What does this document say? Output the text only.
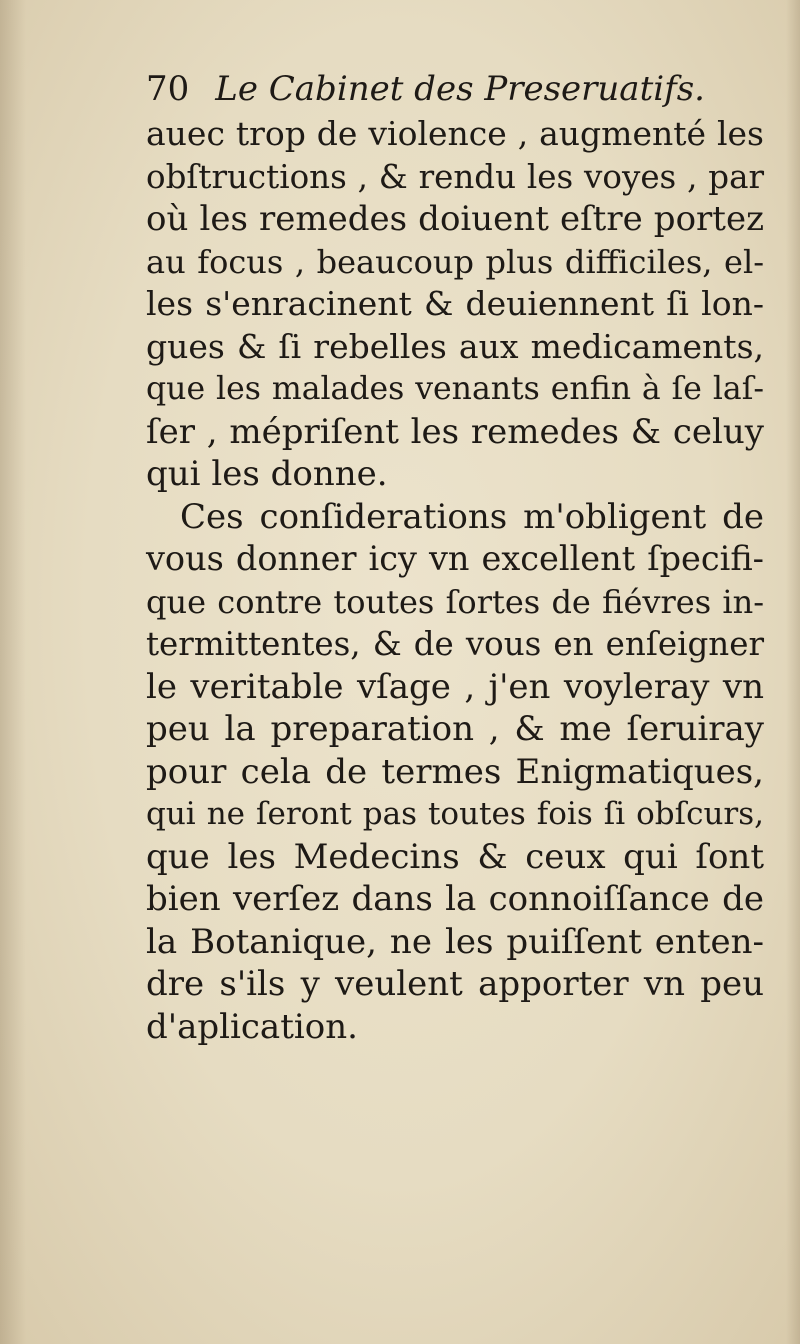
70 Le Cabinet des Preseruatifs.
auec trop de violence , augmenté les
obſtructions , & rendu les voyes , par
où les remedes doiuent eſtre portez
au focus , beaucoup plus difficiles, el-
les s'enracinent & deuiennent ſi lon-
gues & ſi rebelles aux medicaments,
que les malades venants enfin à ſe laſ-
ſer , mépriſent les remedes & celuy
qui les donne.
Ces conſiderations m'obligent de
vous donner icy vn excellent ſpecifi-
que contre toutes ſortes de fiévres in-
termittentes, & de vous en enſeigner
le veritable vſage , j'en voyleray vn
peu la preparation , & me ſeruiray
pour cela de termes Enigmatiques,
qui ne ſeront pas toutes fois ſi obſcurs,
que les Medecins & ceux qui ſont
bien verſez dans la connoiſſance de
la Botanique, ne les puiſſent enten-
dre s'ils y veulent apporter vn peu
d'aplication.
